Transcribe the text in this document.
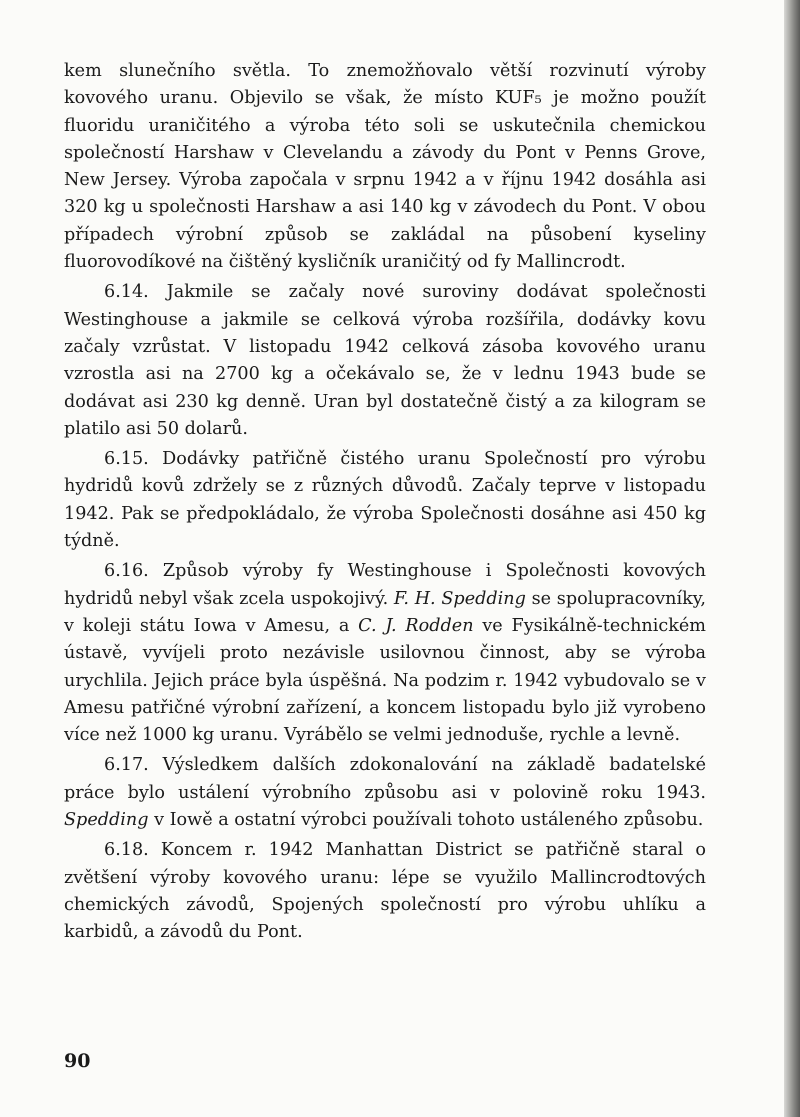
kem slunečního světla. To znemožňovalo větší rozvinutí výroby kovového uranu. Objevilo se však, že místo KUF₅ je možno použít fluoridu uraničitého a výroba této soli se uskutečnila chemickou společností Harshaw v Clevelandu a závody du Pont v Penns Grove, New Jersey. Výroba započala v srpnu 1942 a v říjnu 1942 dosáhla asi 320 kg u společnosti Harshaw a asi 140 kg v závodech du Pont. V obou případech výrobní způsob se zakládal na působení kyseliny fluorovodíkové na čištěný kysličník uraničitý od fy Mallincrodt.

6.14. Jakmile se začaly nové suroviny dodávat společnosti Westinghouse a jakmile se celková výroba rozšířila, dodávky kovu začaly vzrůstat. V listopadu 1942 celková zásoba kovového uranu vzrostla asi na 2700 kg a očekávalo se, že v lednu 1943 bude se dodávat asi 230 kg denně. Uran byl dostatečně čistý a za kilogram se platilo asi 50 dolarů.

6.15. Dodávky patřičně čistého uranu Společností pro výrobu hydridů kovů zdržely se z různých důvodů. Začaly teprve v listopadu 1942. Pak se předpokládalo, že výroba Společnosti dosáhne asi 450 kg týdně.

6.16. Způsob výroby fy Westinghouse i Společnosti kovových hydridů nebyl však zcela uspokojivý. F. H. Spedding se spolupracovníky, v koleji státu Iowa v Amesu, a C. J. Rodden ve Fysikálně-technickém ústavě, vyvíjeli proto nezávisle usilovnou činnost, aby se výroba urychlila. Jejich práce byla úspěšná. Na podzim r. 1942 vybudovalo se v Amesu patřičné výrobní zařízení, a koncem listopadu bylo již vyrobeno více než 1000 kg uranu. Vyrábělo se velmi jednoduše, rychle a levně.

6.17. Výsledkem dalších zdokonalování na základě badatelské práce bylo ustálení výrobního způsobu asi v polovině roku 1943. Spedding v Iowě a ostatní výrobci používali tohoto ustáleného způsobu.

6.18. Koncem r. 1942 Manhattan District se patřičně staral o zvětšení výroby kovového uranu: lépe se využilo Mallincrodtových chemických závodů, Spojených společností pro výrobu uhlíku a karbidů, a závodů du Pont.

90
